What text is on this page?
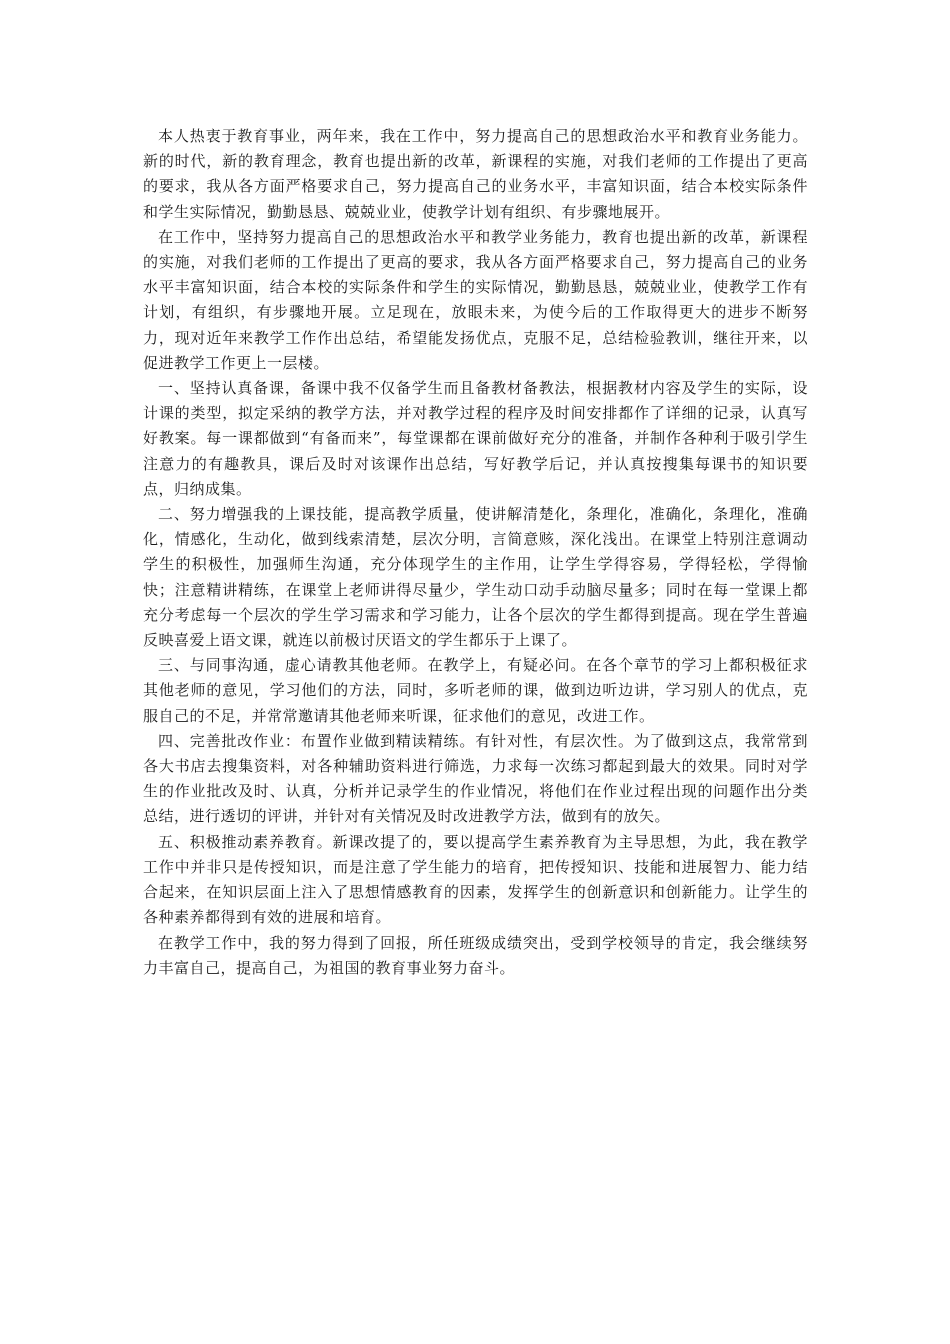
本人热衷于教育事业，两年来，我在工作中，努力提高自己的思想政治水平和教育业务能力。新的时代，新的教育理念，教育也提出新的改革，新课程的实施，对我们老师的工作提出了更高的要求，我从各方面严格要求自己，努力提高自己的业务水平，丰富知识面，结合本校实际条件和学生实际情况，勤勤恳恳、兢兢业业，使教学计划有组织、有步骤地展开。

在工作中，坚持努力提高自己的思想政治水平和教学业务能力，教育也提出新的改革，新课程的实施，对我们老师的工作提出了更高的要求，我从各方面严格要求自己，努力提高自己的业务水平丰富知识面，结合本校的实际条件和学生的实际情况，勤勤恳恳，兢兢业业，使教学工作有计划，有组织，有步骤地开展。立足现在，放眼未来，为使今后的工作取得更大的进步不断努力，现对近年来教学工作作出总结，希望能发扬优点，克服不足，总结检验教训，继往开来，以促进教学工作更上一层楼。

一、坚持认真备课，备课中我不仅备学生而且备教材备教法，根据教材内容及学生的实际，设计课的类型，拟定采纳的教学方法，并对教学过程的程序及时间安排都作了详细的记录，认真写好教案。每一课都做到“有备而来”，每堂课都在课前做好充分的准备，并制作各种利于吸引学生注意力的有趣教具，课后及时对该课作出总结，写好教学后记，并认真按搜集每课书的知识要点，归纳成集。

二、努力增强我的上课技能，提高教学质量，使讲解清楚化，条理化，准确化，条理化，准确化，情感化，生动化，做到线索清楚，层次分明，言简意赅，深化浅出。在课堂上特别注意调动学生的积极性，加强师生沟通，充分体现学生的主作用，让学生学得容易，学得轻松，学得愉快；注意精讲精练，在课堂上老师讲得尽量少，学生动口动手动脑尽量多；同时在每一堂课上都充分考虑每一个层次的学生学习需求和学习能力，让各个层次的学生都得到提高。现在学生普遍反映喜爱上语文课，就连以前极讨厌语文的学生都乐于上课了。

三、与同事沟通，虚心请教其他老师。在教学上，有疑必问。在各个章节的学习上都积极征求其他老师的意见，学习他们的方法，同时，多听老师的课，做到边听边讲，学习别人的优点，克服自己的不足，并常常邀请其他老师来听课，征求他们的意见，改进工作。

四、完善批改作业：布置作业做到精读精练。有针对性，有层次性。为了做到这点，我常常到各大书店去搜集资料，对各种辅助资料进行筛选，力求每一次练习都起到最大的效果。同时对学生的作业批改及时、认真，分析并记录学生的作业情况，将他们在作业过程出现的问题作出分类总结，进行透切的评讲，并针对有关情况及时改进教学方法，做到有的放矢。

五、积极推动素养教育。新课改提了的，要以提高学生素养教育为主导思想，为此，我在教学工作中并非只是传授知识，而是注意了学生能力的培育，把传授知识、技能和进展智力、能力结合起来，在知识层面上注入了思想情感教育的因素，发挥学生的创新意识和创新能力。让学生的各种素养都得到有效的进展和培育。

在教学工作中，我的努力得到了回报，所任班级成绩突出，受到学校领导的肯定，我会继续努力丰富自己，提高自己，为祖国的教育事业努力奋斗。
